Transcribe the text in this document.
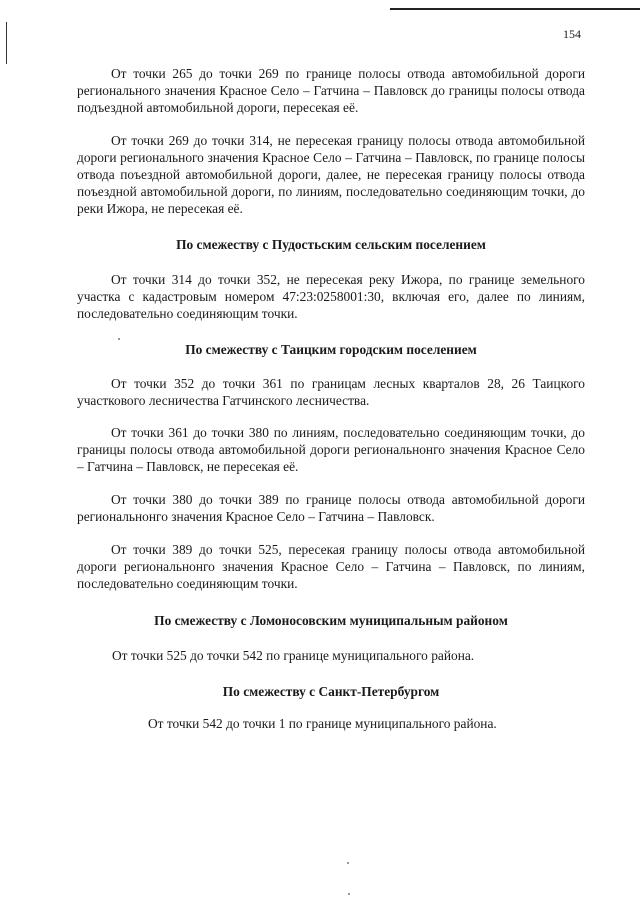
154

От точки 265 до точки 269 по границе полосы отвода автомобильной дороги регионального значения Красное Село – Гатчина – Павловск до границы полосы отвода подъездной автомобильной дороги, пересекая её.

От точки 269 до точки 314, не пересекая границу полосы отвода автомобильной дороги регионального значения Красное Село – Гатчина – Павловск, по границе полосы отвода поъездной автомобильной дороги, далее, не пересекая границу полосы отвода поъездной автомобильной дороги, по линиям, последовательно соединяющим точки, до реки Ижора, не пересекая её.

По смежеству с Пудостьским сельским поселением

От точки 314 до точки 352, не пересекая реку Ижора, по границе земельного участка с кадастровым номером 47:23:0258001:30, включая его, далее по линиям, последовательно соединяющим точки.

По смежеству с Таицким городским поселением

От точки 352 до точки 361 по границам лесных кварталов 28, 26 Таицкого участкового лесничества Гатчинского лесничества.

От точки 361 до точки 380 по линиям, последовательно соединяющим точки, до границы полосы отвода автомобильной дороги региональнонго значения Красное Село – Гатчина – Павловск, не пересекая её.

От точки 380 до точки 389 по границе полосы отвода автомобильной дороги региональнонго значения Красное Село – Гатчина – Павловск.

От точки 389 до точки 525, пересекая границу полосы отвода автомобильной дороги региональнонго значения Красное Село – Гатчина – Павловск, по линиям, последовательно соединяющим точки.

По смежеству с Ломоносовским муниципальным районом

От точки 525 до точки 542 по границе муниципального района.

По смежеству с Санкт-Петербургом

От точки 542 до точки 1 по границе муниципального района.
